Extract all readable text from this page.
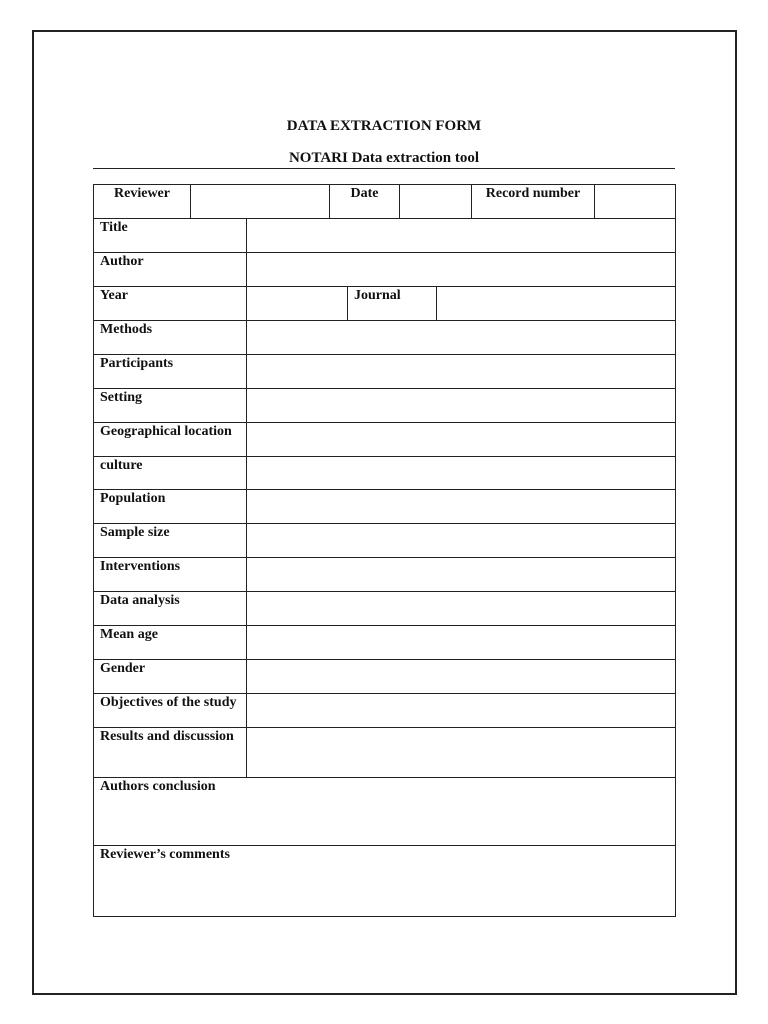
DATA EXTRACTION FORM
NOTARI Data extraction tool
Reviewer			Date				Record number	
Title								
Author								
Year				Journal				
Methods								
Participants								
Setting								
Geographical location								
culture								
Population								
Sample size								
Interventions								
Data analysis								
Mean age								
Gender								
Objectives of the study								
Results and discussion								
Authors conclusion								
Reviewer’s comments								
